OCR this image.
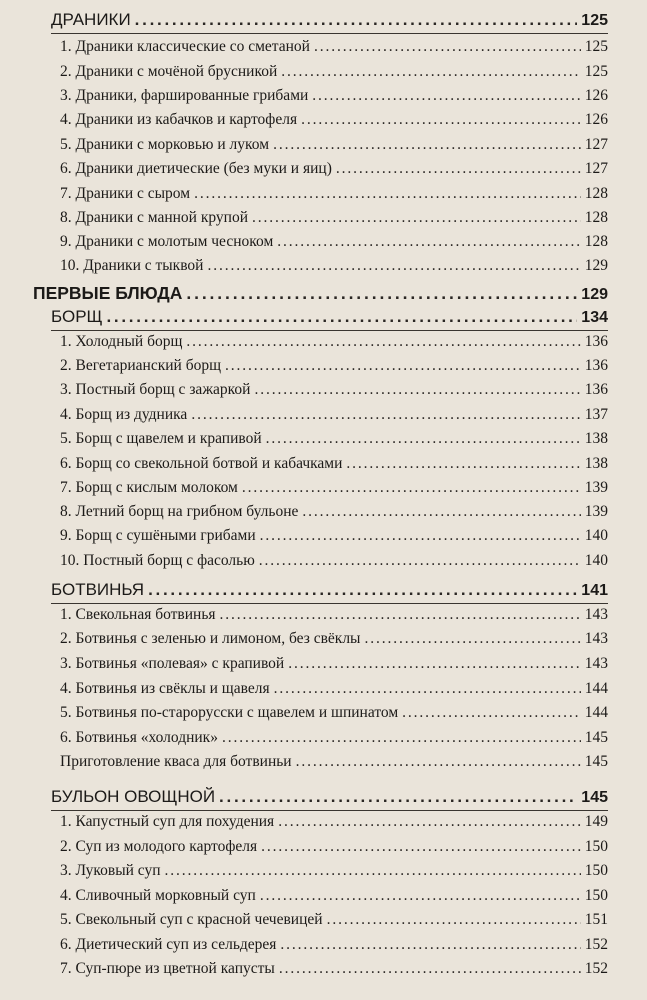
ДРАНИКИ . . .	125
1. Драники классические со сметаной . . .	125
2. Драники с мочёной брусникой . . .	125
3. Драники, фаршированные грибами . . .	126
4. Драники из кабачков и картофеля . . .	126
5. Драники с морковью и луком . . .	127
6. Драники диетические (без муки и яиц) . . .	127
7. Драники с сыром . . .	128
8. Драники с манной крупой . . .	128
9. Драники с молотым чесноком . . .	128
10. Драники с тыквой . . .	129
ПЕРВЫЕ БЛЮДА . . .	129
БОРЩ . . .	134
1. Холодный борщ . . .	136
2. Вегетарианский борщ . . .	136
3. Постный борщ с зажаркой . . .	136
4. Борщ из дудника . . .	137
5. Борщ с щавелем и крапивой . . .	138
6. Борщ со свекольной ботвой и кабачками . . .	138
7. Борщ с кислым молоком . . .	139
8. Летний борщ на грибном бульоне . . .	139
9. Борщ с сушёными грибами . . .	140
10. Постный борщ с фасолью . . .	140
БОТВИНЬЯ . . .	141
1. Свекольная ботвинья . . .	143
2. Ботвинья с зеленью и лимоном, без свёклы . . .	143
3. Ботвинья «полевая» с крапивой . . .	143
4. Ботвинья из свёклы и щавеля . . .	144
5. Ботвинья по-старорусски с щавелем и шпинатом . . .	144
6. Ботвинья «холодник» . . .	145
Приготовление кваса для ботвиньи . . .	145
БУЛЬОН ОВОЩНОЙ . . .	145
1. Капустный суп для похудения . . .	149
2. Суп из молодого картофеля . . .	150
3. Луковый суп . . .	150
4. Сливочный морковный суп . . .	150
5. Свекольный суп с красной чечевицей . . .	151
6. Диетический суп из сельдерея . . .	152
7. Суп-пюре из цветной капусты . . .	152
